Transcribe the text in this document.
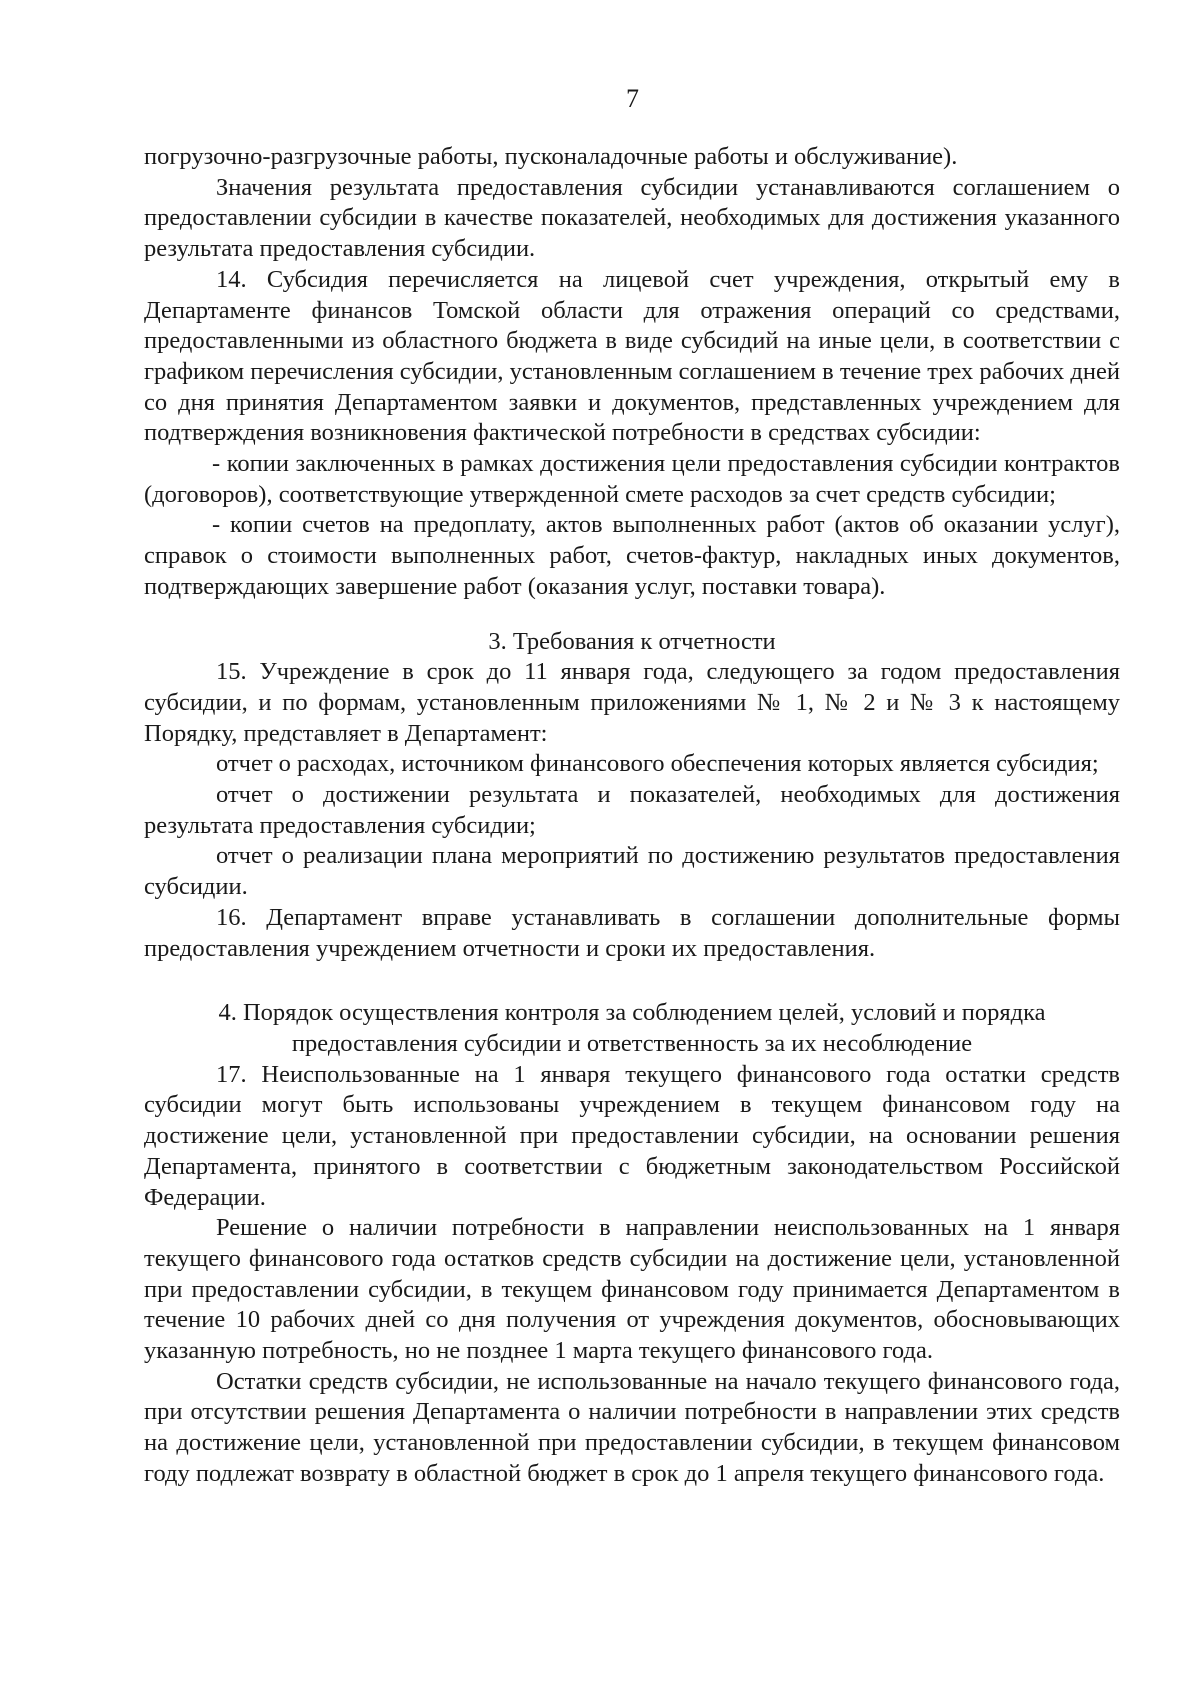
7

погрузочно-разгрузочные работы, пусконаладочные работы и обслуживание).

Значения результата предоставления субсидии устанавливаются соглашением о предоставлении субсидии в качестве показателей, необходимых для достижения указанного результата предоставления субсидии.

14. Субсидия перечисляется на лицевой счет учреждения, открытый ему в Департаменте финансов Томской области для отражения операций со средствами, предоставленными из областного бюджета в виде субсидий на иные цели, в соответствии с графиком перечисления субсидии, установленным соглашением в течение трех рабочих дней со дня принятия Департаментом заявки и документов, представленных учреждением для подтверждения возникновения фактической потребности в средствах субсидии:

- копии заключенных в рамках достижения цели предоставления субсидии контрактов (договоров), соответствующие утвержденной смете расходов за счет средств субсидии;

- копии счетов на предоплату, актов выполненных работ (актов об оказании услуг), справок о стоимости выполненных работ, счетов-фактур, накладных иных документов, подтверждающих завершение работ (оказания услуг, поставки товара).

3. Требования к отчетности

15. Учреждение в срок до 11 января года, следующего за годом предоставления субсидии, и по формам, установленным приложениями № 1, № 2 и № 3 к настоящему Порядку, представляет в Департамент:

отчет о расходах, источником финансового обеспечения которых является субсидия;

отчет о достижении результата и показателей, необходимых для достижения результата предоставления субсидии;

отчет о реализации плана мероприятий по достижению результатов предоставления субсидии.

16. Департамент вправе устанавливать в соглашении дополнительные формы предоставления учреждением отчетности и сроки их предоставления.

4. Порядок осуществления контроля за соблюдением целей, условий и порядка

предоставления субсидии и ответственность за их несоблюдение

17. Неиспользованные на 1 января текущего финансового года остатки средств субсидии могут быть использованы учреждением в текущем финансовом году на достижение цели, установленной при предоставлении субсидии, на основании решения Департамента, принятого в соответствии с бюджетным законодательством Российской Федерации.

Решение о наличии потребности в направлении неиспользованных на 1 января текущего финансового года остатков средств субсидии на достижение цели, установленной при предоставлении субсидии, в текущем финансовом году принимается Департаментом в течение 10 рабочих дней со дня получения от учреждения документов, обосновывающих указанную потребность, но не позднее 1 марта текущего финансового года.

Остатки средств субсидии, не использованные на начало текущего финансового года, при отсутствии решения Департамента о наличии потребности в направлении этих средств на достижение цели, установленной при предоставлении субсидии, в текущем финансовом году подлежат возврату в областной бюджет в срок до 1 апреля текущего финансового года.
